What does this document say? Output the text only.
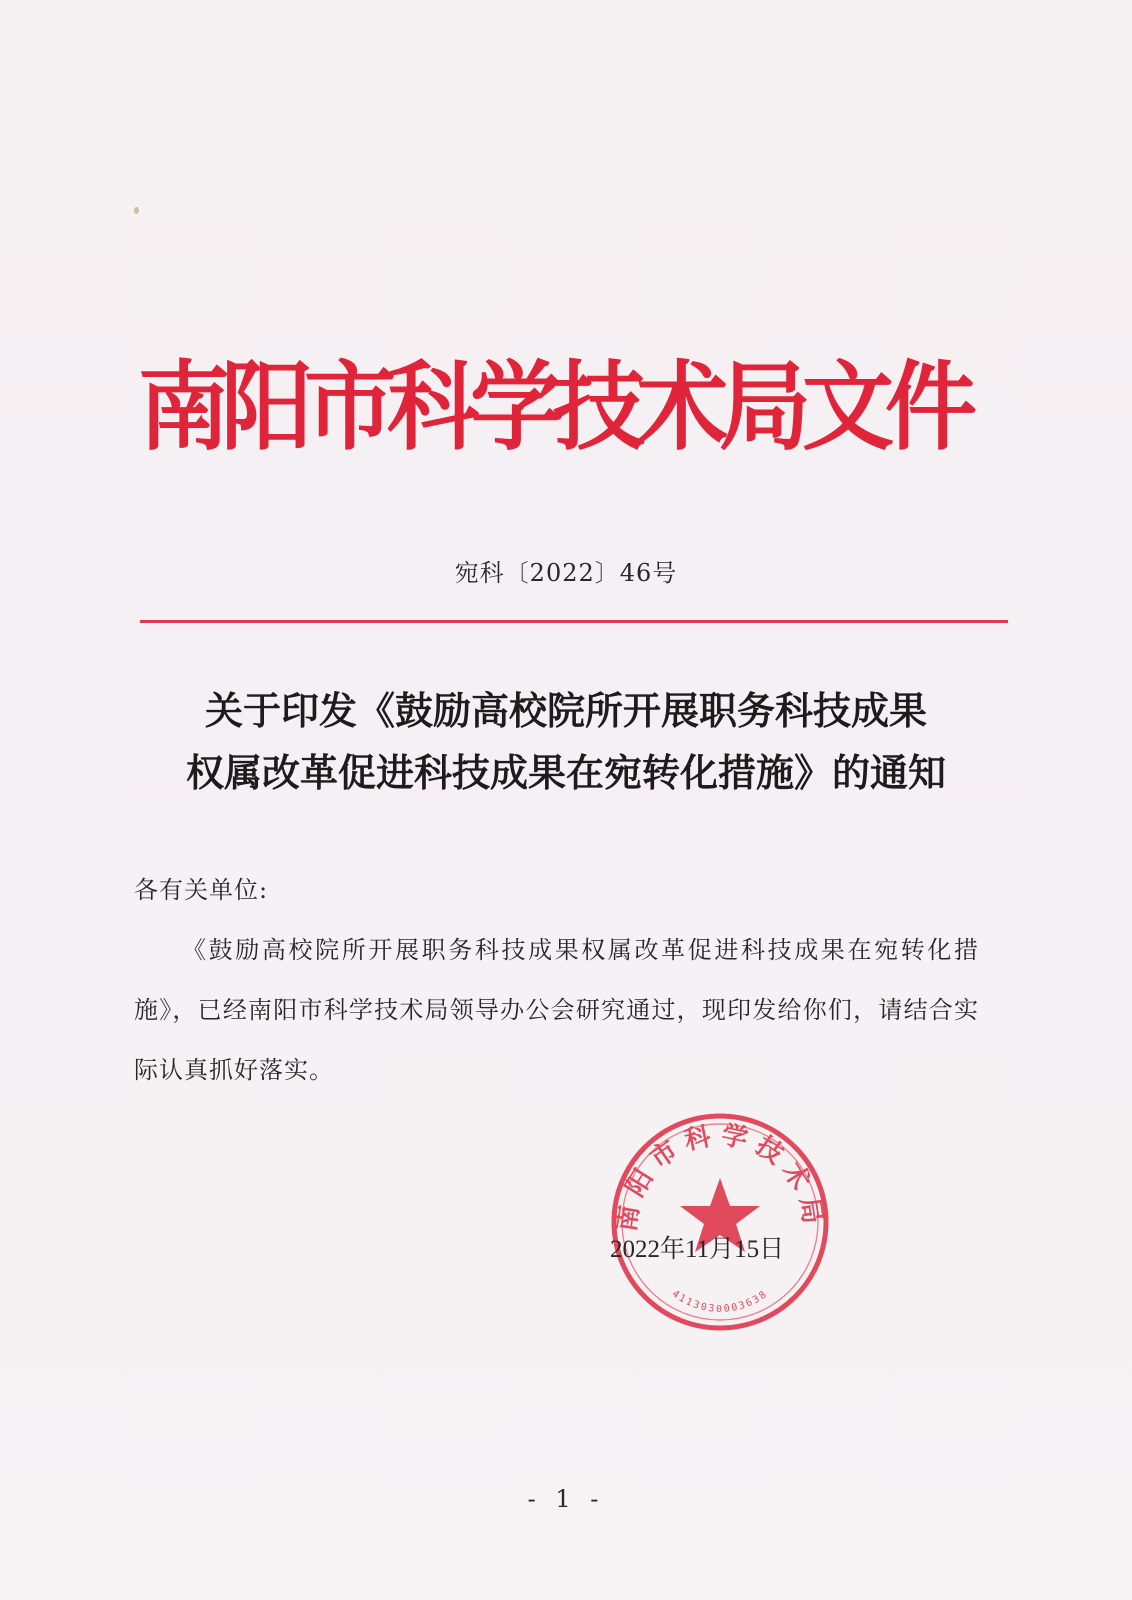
南阳市科学技术局文件
宛科〔2022〕46号
关于印发《鼓励高校院所开展职务科技成果
权属改革促进科技成果在宛转化措施》的通知

各有关单位:

《鼓励高校院所开展职务科技成果权属改革促进科技成果在宛转化措施》，已经南阳市科学技术局领导办公会研究通过，现印发给你们，请结合实际认真抓好落实。

南阳市科学技术局
4113030003638
2022年11月15日
- 1 -
